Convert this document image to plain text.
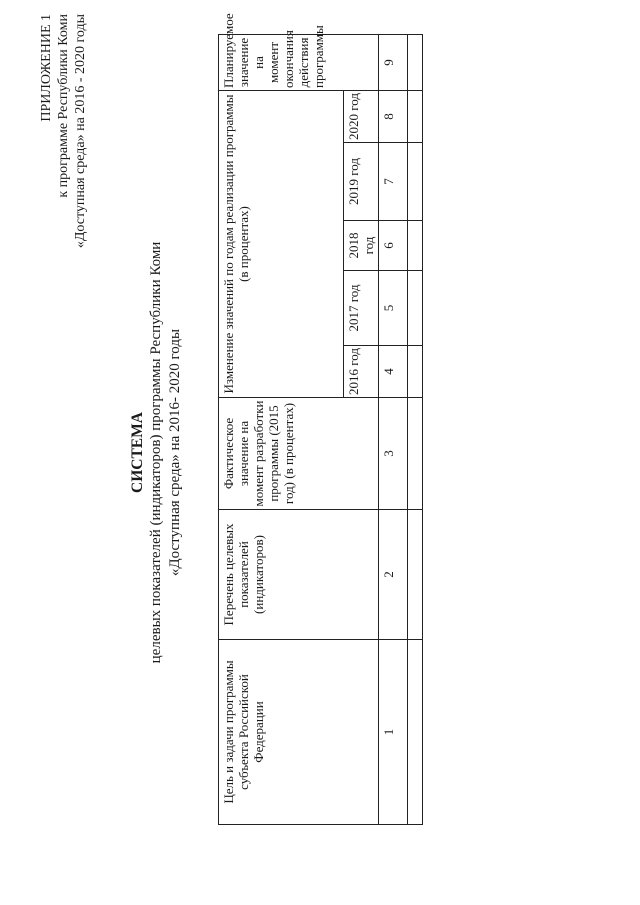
ПРИЛОЖЕНИЕ 1 к программе Республики Коми «Доступная среда» на 2016 - 2020 годы
СИСТЕМА целевых показателей (индикаторов) программы Республики Коми «Доступная среда» на 2016- 2020 годы
Цель и задачи программы субъекта Российской Федерации	Перечень целевых показателей (индикаторов)	Фактическое значение на момент разработки программы (2015 год) (в процентах)	Изменение значений по годам реализации программы (в процентах)					Планируемое значение на момент окончания действия программы
			2016 год	2017 год	2018 год	2019 год	2020 год	
1	2	3	4	5	6	7	8	9
